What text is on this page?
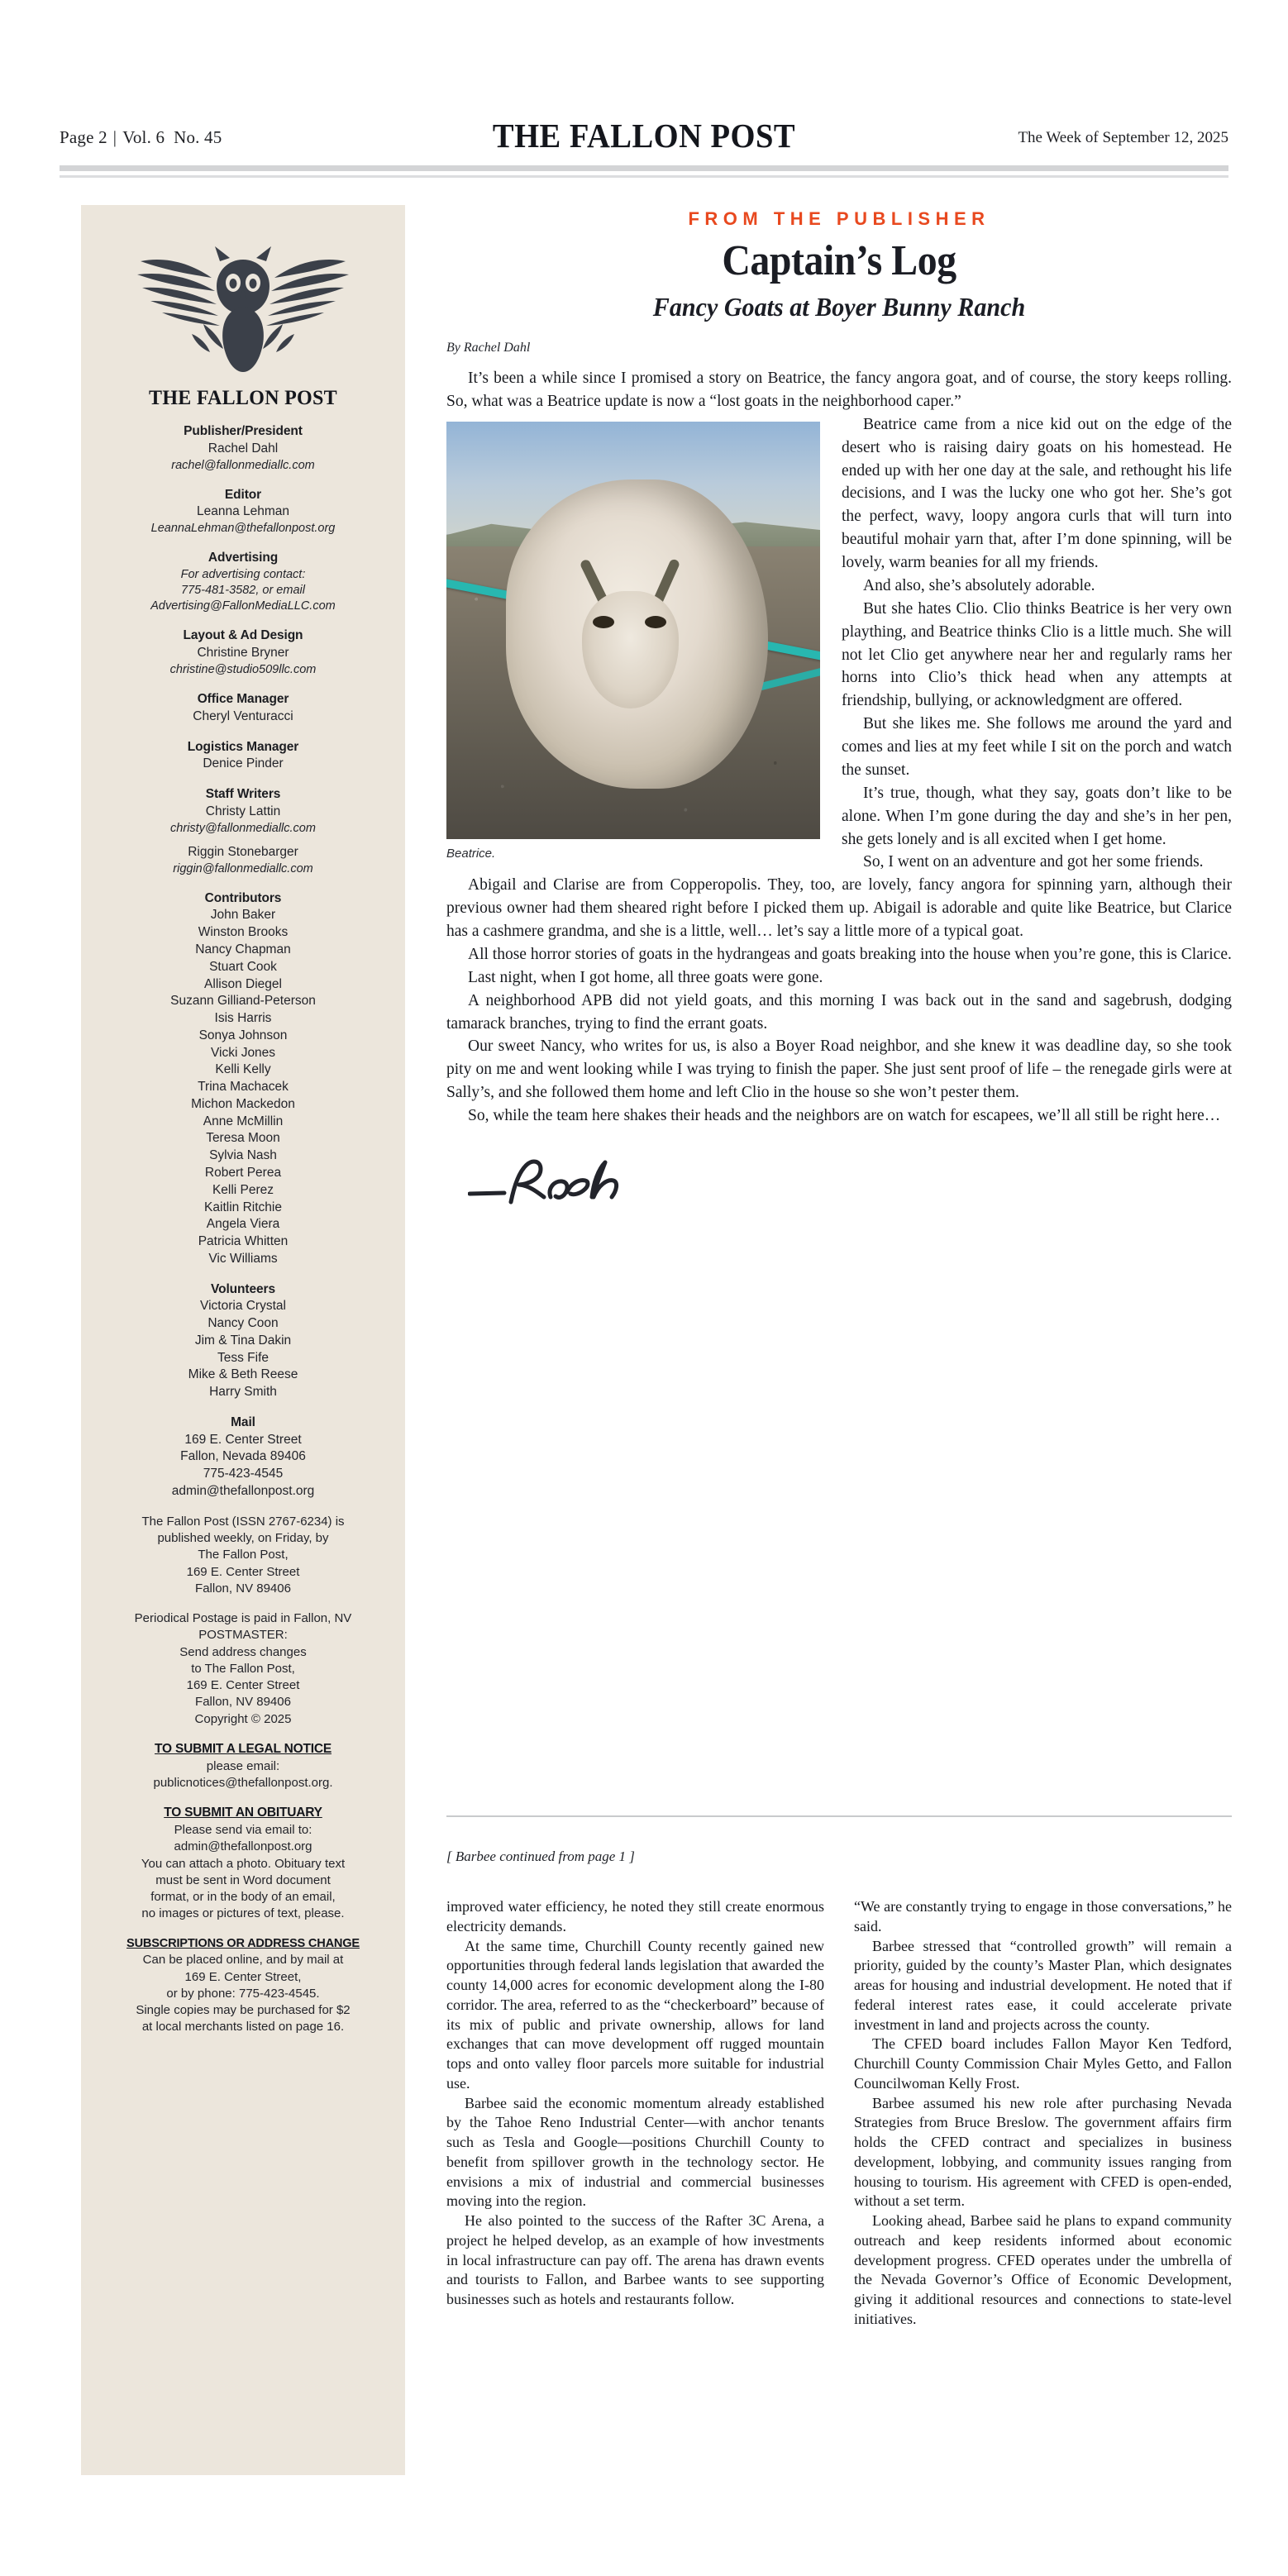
Page 2 | Vol. 6 No. 45	THE FALLON POST	The Week of September 12, 2025
THE FALLON POST

Publisher/President

Rachel Dahl

rachel@fallonmediallc.com

Editor

Leanna Lehman

LeannaLehman@thefallonpost.org

Advertising

For advertising contact:

775-481-3582, or email

Advertising@FallonMediaLLC.com

Layout & Ad Design

Christine Bryner

christine@studio509llc.com

Office Manager

Cheryl Venturacci

Logistics Manager

Denice Pinder

Staff Writers

Christy Lattin

christy@fallonmediallc.com

Riggin Stonebarger

riggin@fallonmediallc.com

Contributors

John Baker

Winston Brooks

Nancy Chapman

Stuart Cook

Allison Diegel

Suzann Gilliand-Peterson

Isis Harris

Sonya Johnson

Vicki Jones

Kelli Kelly

Trina Machacek

Michon Mackedon

Anne McMillin

Teresa Moon

Sylvia Nash

Robert Perea

Kelli Perez

Kaitlin Ritchie

Angela Viera

Patricia Whitten

Vic Williams

Volunteers

Victoria Crystal

Nancy Coon

Jim & Tina Dakin

Tess Fife

Mike & Beth Reese

Harry Smith

Mail

169 E. Center Street

Fallon, Nevada 89406

775-423-4545

admin@thefallonpost.org

The Fallon Post (ISSN 2767-6234) is

published weekly, on Friday, by

The Fallon Post,

169 E. Center Street

Fallon, NV 89406

Periodical Postage is paid in Fallon, NV

POSTMASTER:

Send address changes

to The Fallon Post,

169 E. Center Street

Fallon, NV 89406

Copyright © 2025

TO SUBMIT A LEGAL NOTICE

please email:

publicnotices@thefallonpost.org.

TO SUBMIT AN OBITUARY

Please send via email to:

admin@thefallonpost.org

You can attach a photo. Obituary text

must be sent in Word document

format, or in the body of an email,

no images or pictures of text, please.

SUBSCRIPTIONS OR ADDRESS CHANGE

Can be placed online, and by mail at

169 E. Center Street,

or by phone: 775-423-4545.

Single copies may be purchased for $2

at local merchants listed on page 16.

FROM THE PUBLISHER
Captain’s Log
Fancy Goats at Boyer Bunny Ranch
By Rachel Dahl

It’s been a while since I promised a story on Beatrice, the fancy angora goat, and of course, the story keeps rolling. So, what was a Beatrice update is now a “lost goats in the neighborhood caper.”

Beatrice.

Beatrice came from a nice kid out on the edge of the desert who is raising dairy goats on his homestead. He ended up with her one day at the sale, and rethought his life decisions, and I was the lucky one who got her. She’s got the perfect, wavy, loopy angora curls that will turn into beautiful mohair yarn that, after I’m done spinning, will be lovely, warm beanies for all my friends.

And also, she’s absolutely adorable.

But she hates Clio. Clio thinks Beatrice is her very own plaything, and Beatrice thinks Clio is a little much. She will not let Clio get anywhere near her and regularly rams her horns into Clio’s thick head when any attempts at friendship, bullying, or acknowledgment are offered.

But she likes me. She follows me around the yard and comes and lies at my feet while I sit on the porch and watch the sunset.

It’s true, though, what they say, goats don’t like to be alone. When I’m gone during the day and she’s in her pen, she gets lonely and is all excited when I get home.

So, I went on an adventure and got her some friends.

Abigail and Clarise are from Copperopolis. They, too, are lovely, fancy angora for spinning yarn, although their previous owner had them sheared right before I picked them up. Abigail is adorable and quite like Beatrice, but Clarice has a cashmere grandma, and she is a little, well… let’s say a little more of a typical goat.

All those horror stories of goats in the hydrangeas and goats breaking into the house when you’re gone, this is Clarice.

Last night, when I got home, all three goats were gone.

A neighborhood APB did not yield goats, and this morning I was back out in the sand and sagebrush, dodging tamarack branches, trying to find the errant goats.

Our sweet Nancy, who writes for us, is also a Boyer Road neighbor, and she knew it was deadline day, so she took pity on me and went looking while I was trying to finish the paper. She just sent proof of life – the renegade girls were at Sally’s, and she followed them home and left Clio in the house so she won’t pester them.

So, while the team here shakes their heads and the neighbors are on watch for escapees, we’ll all still be right here…

[ Barbee continued from page 1 ]

improved water efficiency, he noted they still create enormous electricity demands.

At the same time, Churchill County recently gained new opportunities through federal lands legislation that awarded the county 14,000 acres for economic development along the I-80 corridor. The area, referred to as the “checkerboard” because of its mix of public and private ownership, allows for land exchanges that can move development off rugged mountain tops and onto valley floor parcels more suitable for industrial use.

Barbee said the economic momentum already established by the Tahoe Reno Industrial Center—with anchor tenants such as Tesla and Google—positions Churchill County to benefit from spillover growth in the technology sector. He envisions a mix of industrial and commercial businesses moving into the region.

He also pointed to the success of the Rafter 3C Arena, a project he helped develop, as an example of how investments in local infrastructure can pay off. The arena has drawn events and tourists to Fallon, and Barbee wants to see supporting businesses such as hotels and restaurants follow.

“We are constantly trying to engage in those conversations,” he said.

Barbee stressed that “controlled growth” will remain a priority, guided by the county’s Master Plan, which designates areas for housing and industrial development. He noted that if federal interest rates ease, it could accelerate private investment in land and projects across the county.

The CFED board includes Fallon Mayor Ken Tedford, Churchill County Commission Chair Myles Getto, and Fallon Councilwoman Kelly Frost.

Barbee assumed his new role after purchasing Nevada Strategies from Bruce Breslow. The government affairs firm holds the CFED contract and specializes in business development, lobbying, and community issues ranging from housing to tourism. His agreement with CFED is open-ended, without a set term.

Looking ahead, Barbee said he plans to expand community outreach and keep residents informed about economic development progress. CFED operates under the umbrella of the Nevada Governor’s Office of Economic Development, giving it additional resources and connections to state-level initiatives.
